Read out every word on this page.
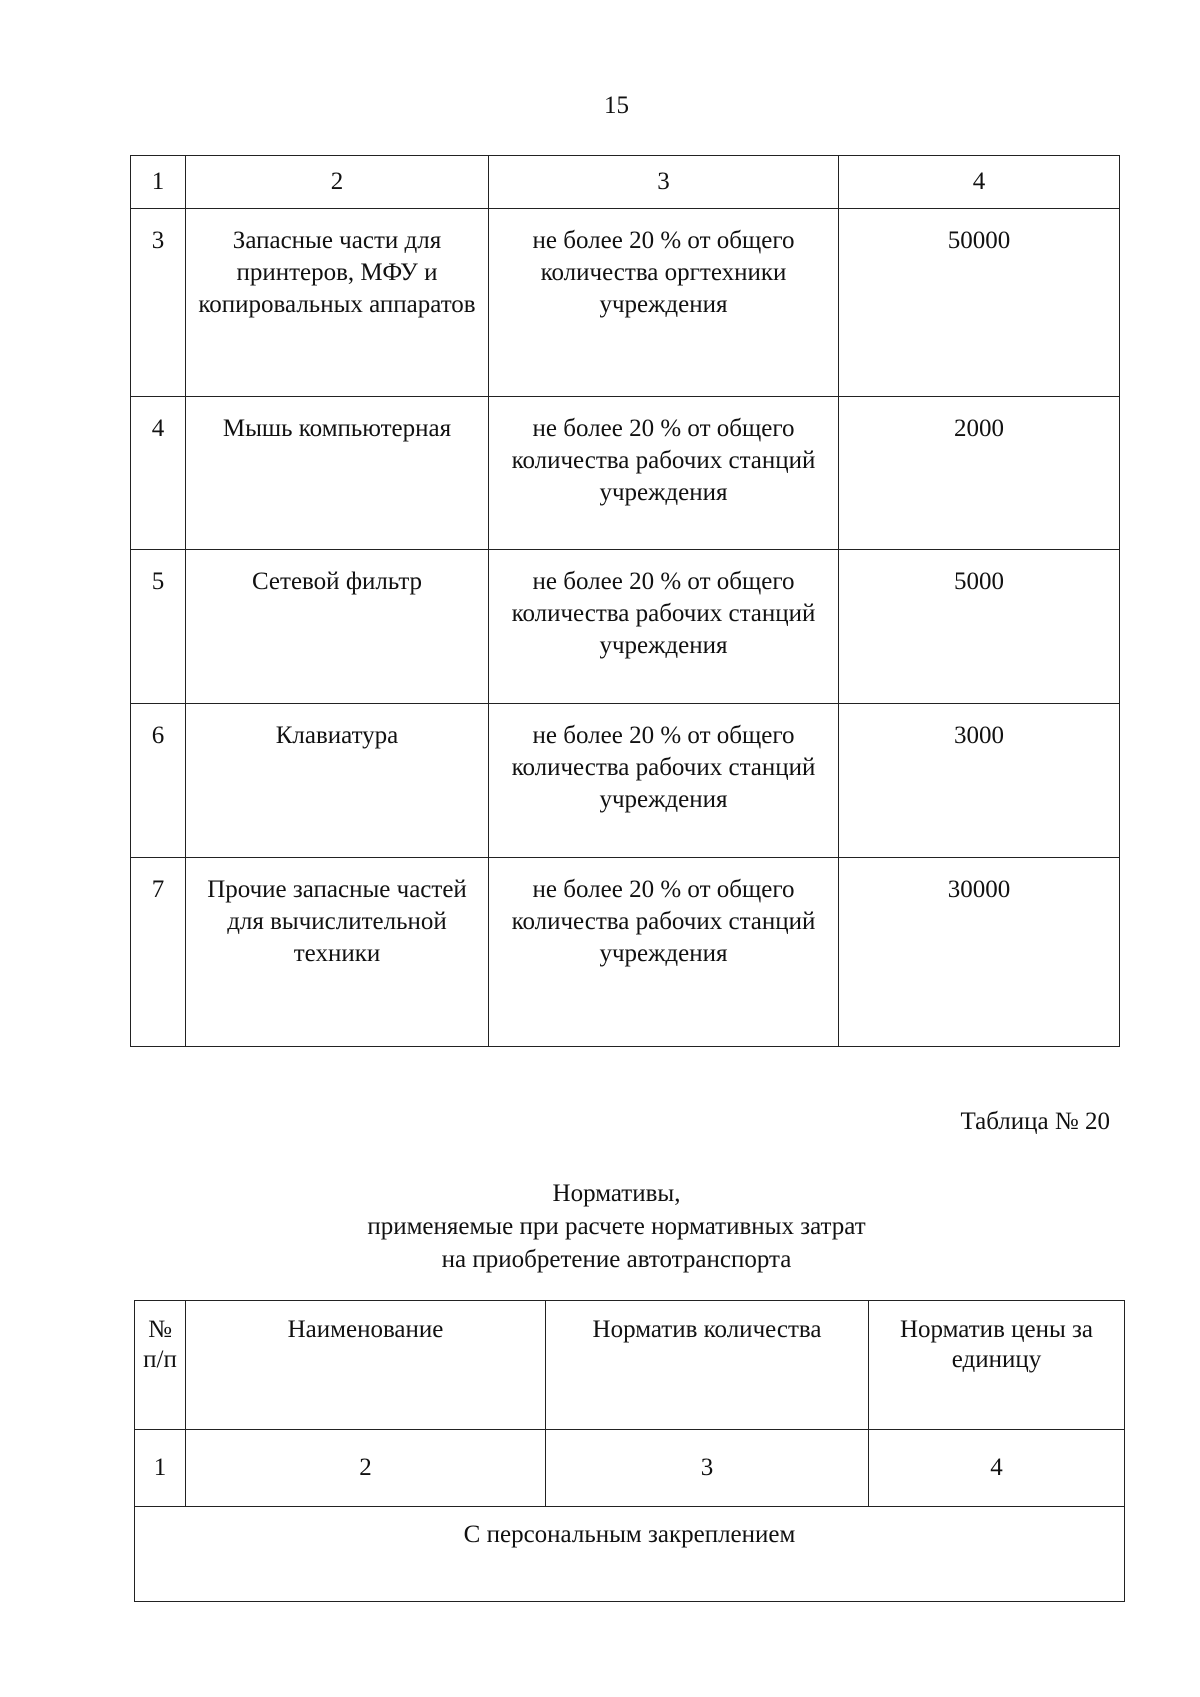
15
1	2	3	4
3	Запасные части для принтеров, МФУ и копировальных аппаратов	не более 20 % от общего количества оргтехники учреждения	50000
4	Мышь компьютерная	не более 20 % от общего количества рабочих станций учреждения	2000
5	Сетевой фильтр	не более 20 % от общего количества рабочих станций учреждения	5000
6	Клавиатура	не более 20 % от общего количества рабочих станций учреждения	3000
7	Прочие запасные частей для вычислительной техники	не более 20 % от общего количества рабочих станций учреждения	30000
Таблица № 20
Нормативы,
применяемые при расчете нормативных затрат
на приобретение автотранспорта
№ п/п	Наименование	Норматив количества	Норматив цены за единицу
1	2	3	4
С персональным закреплением			
